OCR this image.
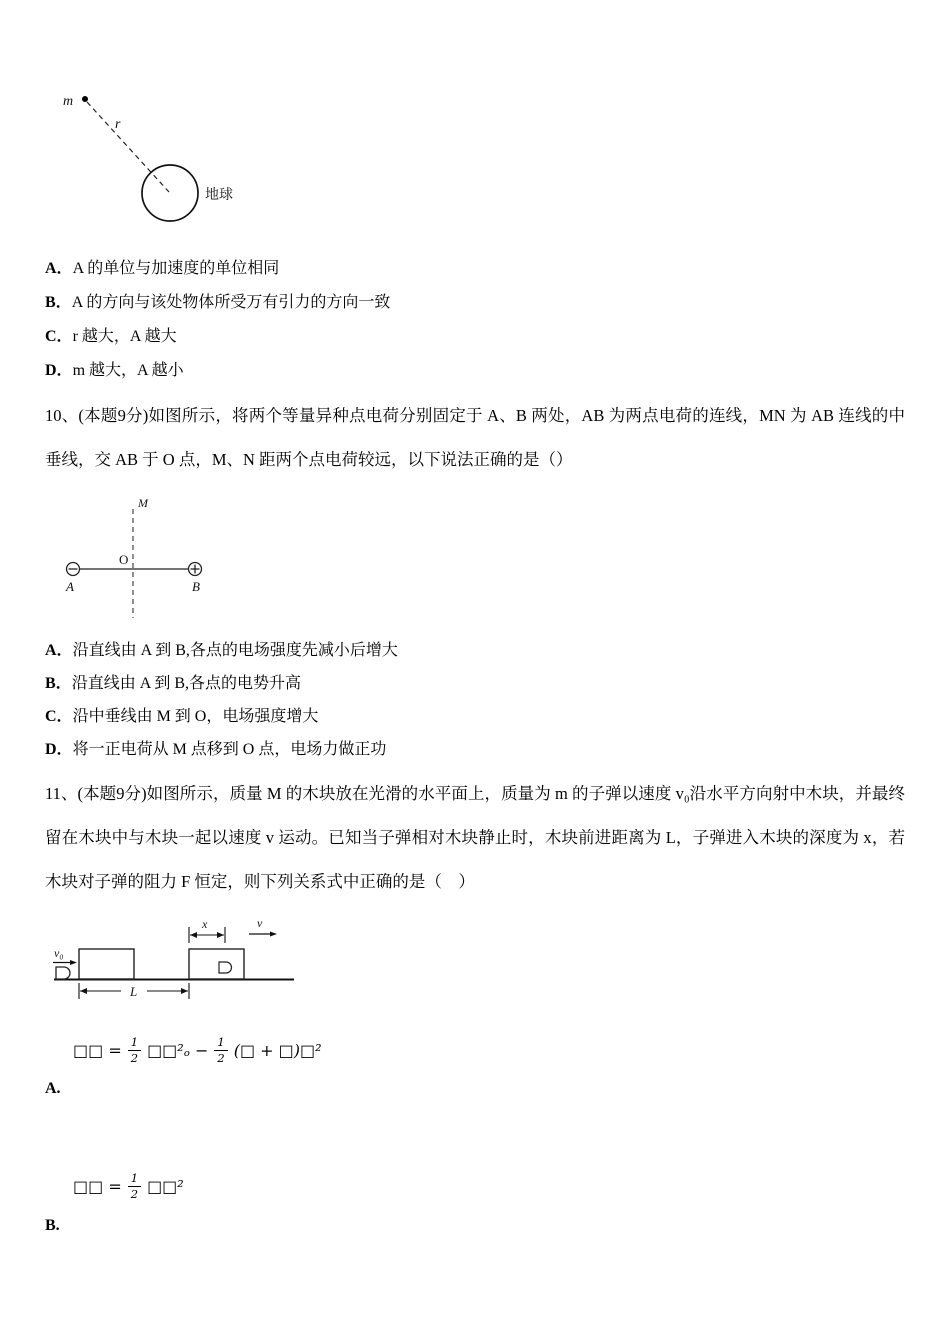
m
r
地球
A．A 的单位与加速度的单位相同
B．A 的方向与该处物体所受万有引力的方向一致
C．r 越大，A 越大
D．m 越大，A 越小

10、(本题9分)如图所示，将两个等量异种点电荷分别固定于 A、B 两处，AB 为两点电荷的连线，MN 为 AB 连线的中垂线，交 AB 于 O 点，M、N 距两个点电荷较远，以下说法正确的是（）

M
A
O
B
A．沿直线由 A 到 B,各点的电场强度先减小后增大
B．沿直线由 A 到 B,各点的电势升高
C．沿中垂线由 M 到 O，电场强度增大
D．将一正电荷从 M 点移到 O 点，电场力做正功

11、(本题9分)如图所示，质量 M 的木块放在光滑的水平面上，质量为 m 的子弹以速度 v₀沿水平方向射中木块，并最终留在木块中与木块一起以速度 v 运动。已知当子弹相对木块静止时，木块前进距离为 L，子弹进入木块的深度为 x，若木块对子弹的阻力 F 恒定，则下列关系式中正确的是（　）

v₀
x	v
L
□□ = $\frac{1}{2}$ □□²ₒ − $\frac{1}{2}$ (□ + □)□²
A.
□□ = $\frac{1}{2}$ □□²
B.
